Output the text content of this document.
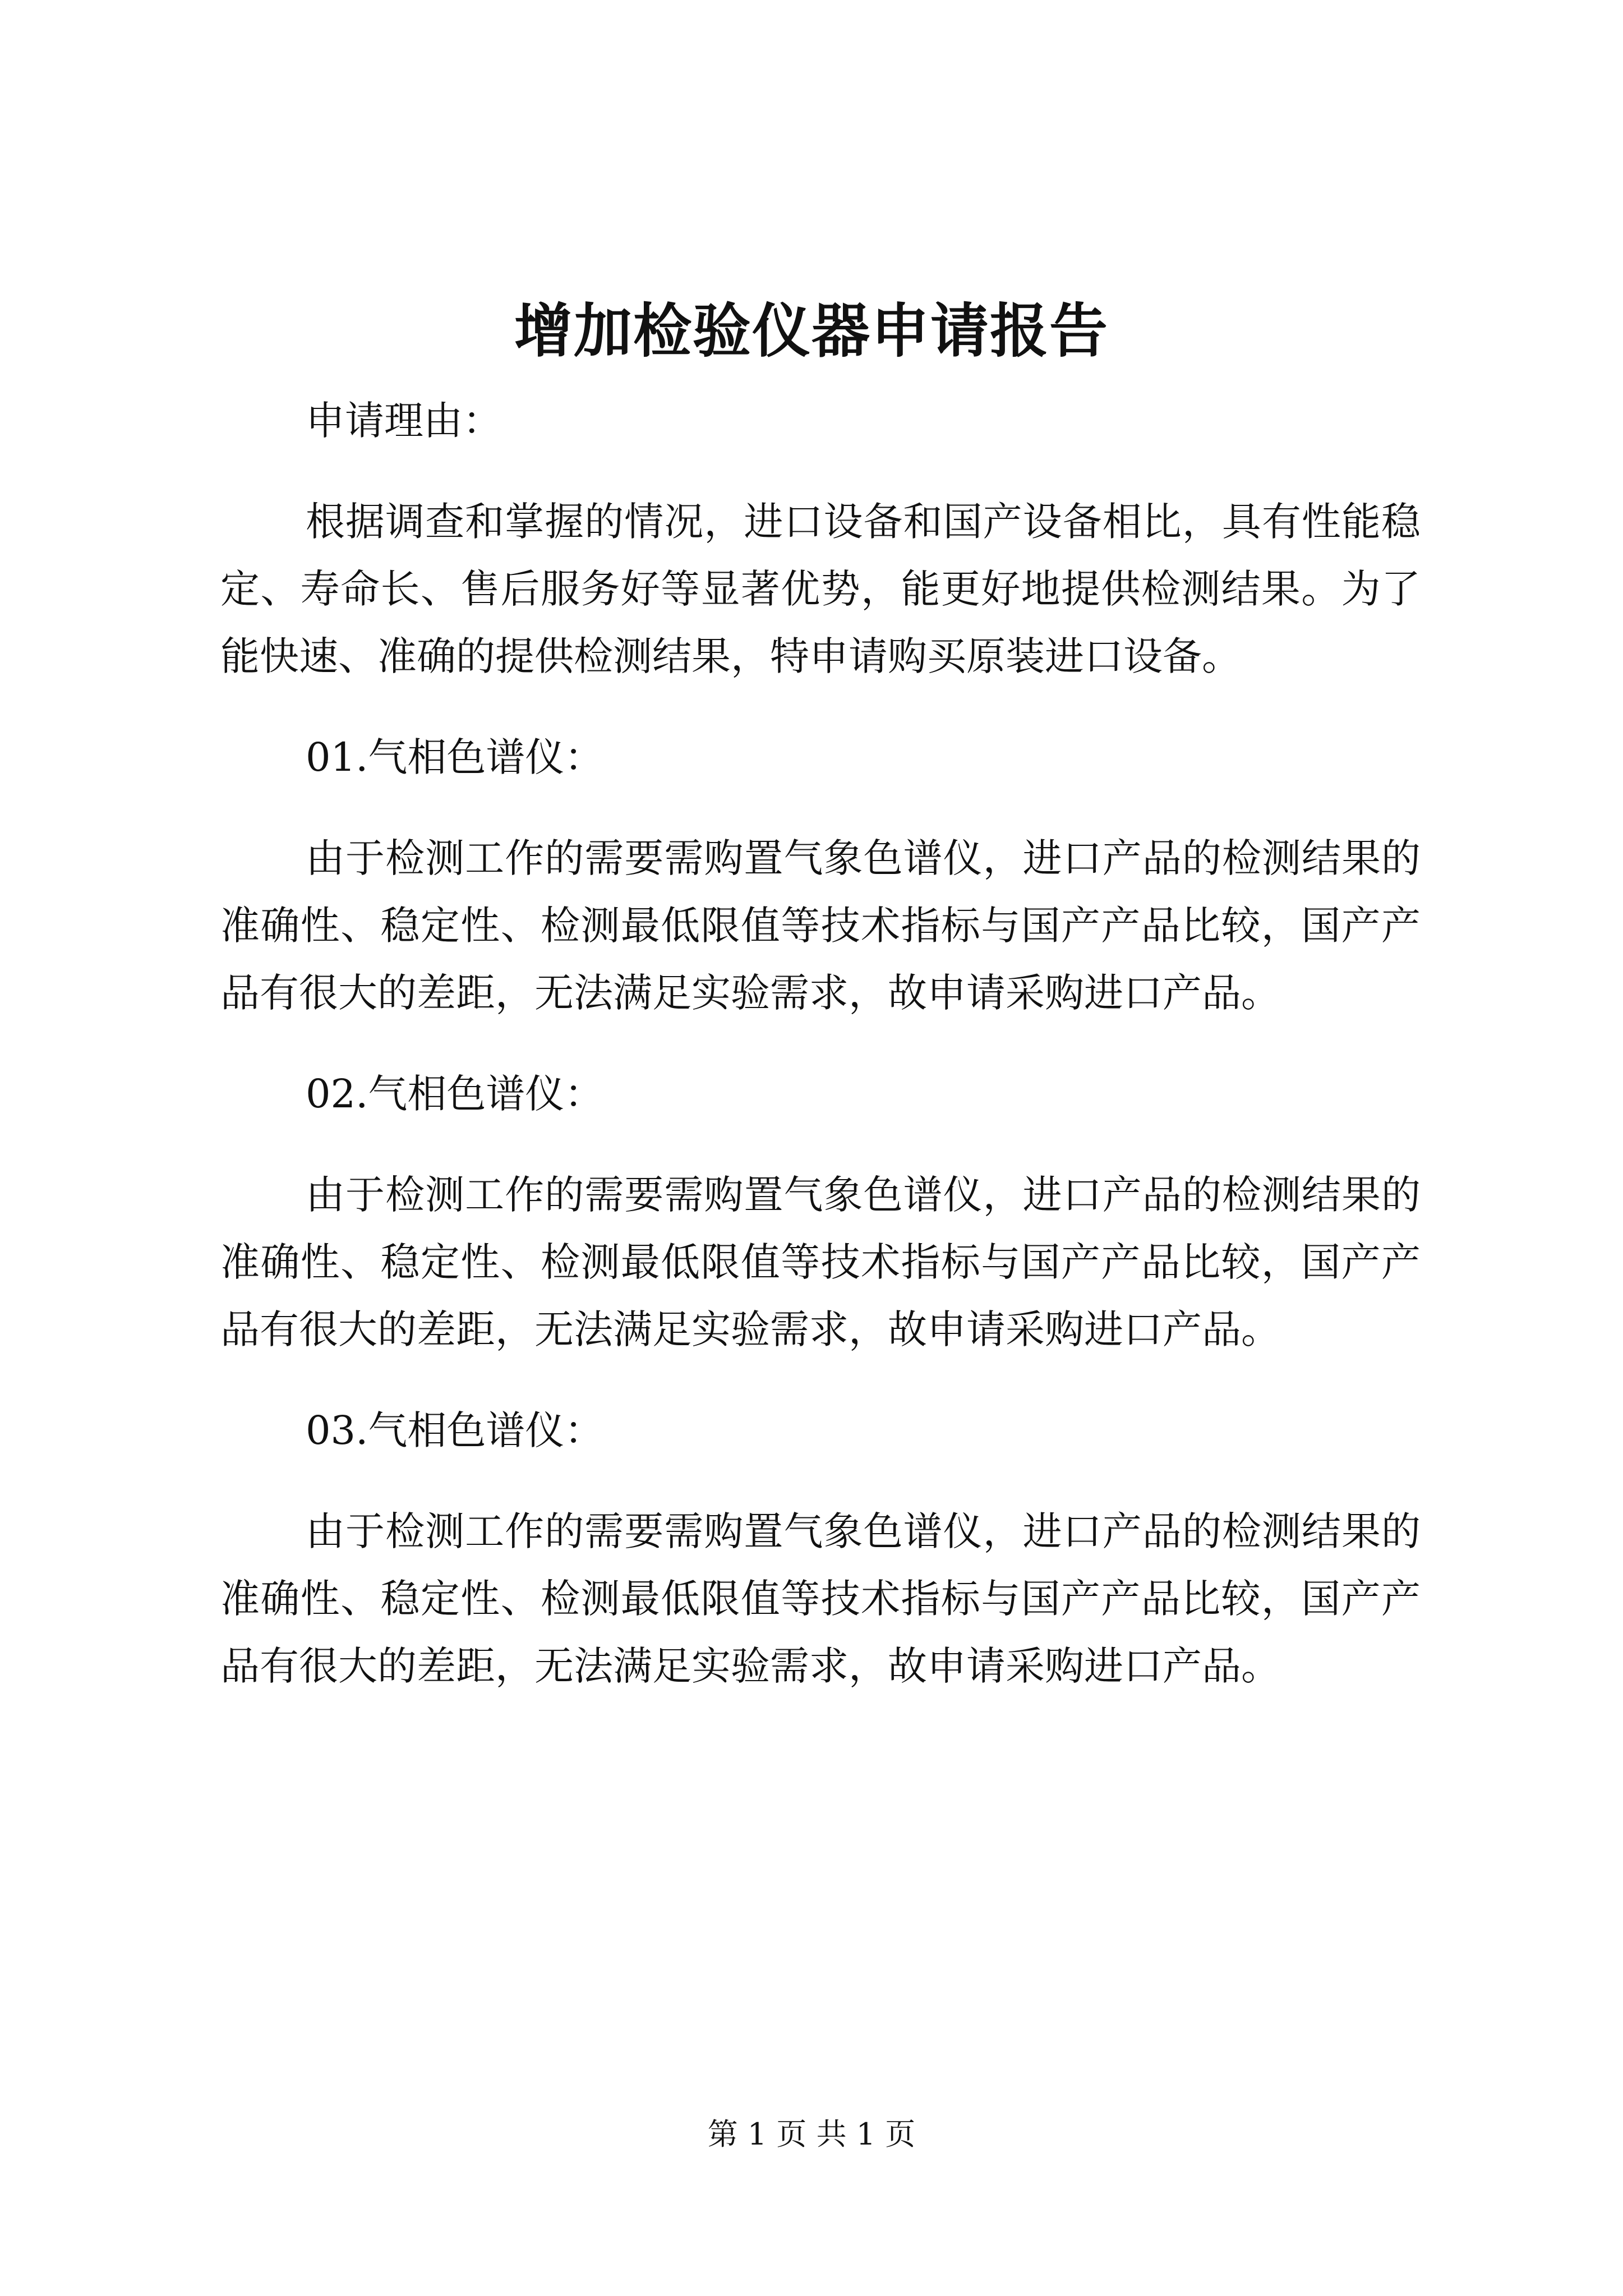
增加检验仪器申请报告

申请理由：

根据调查和掌握的情况，进口设备和国产设备相比，具有性能稳定、寿命长、售后服务好等显著优势，能更好地提供检测结果。为了能快速、准确的提供检测结果，特申请购买原装进口设备。

01.气相色谱仪：

由于检测工作的需要需购置气象色谱仪，进口产品的检测结果的准确性、稳定性、检测最低限值等技术指标与国产产品比较，国产产品有很大的差距，无法满足实验需求，故申请采购进口产品。

02.气相色谱仪：

由于检测工作的需要需购置气象色谱仪，进口产品的检测结果的准确性、稳定性、检测最低限值等技术指标与国产产品比较，国产产品有很大的差距，无法满足实验需求，故申请采购进口产品。

03.气相色谱仪：

由于检测工作的需要需购置气象色谱仪，进口产品的检测结果的准确性、稳定性、检测最低限值等技术指标与国产产品比较，国产产品有很大的差距，无法满足实验需求，故申请采购进口产品。

第 1 页 共 1 页
